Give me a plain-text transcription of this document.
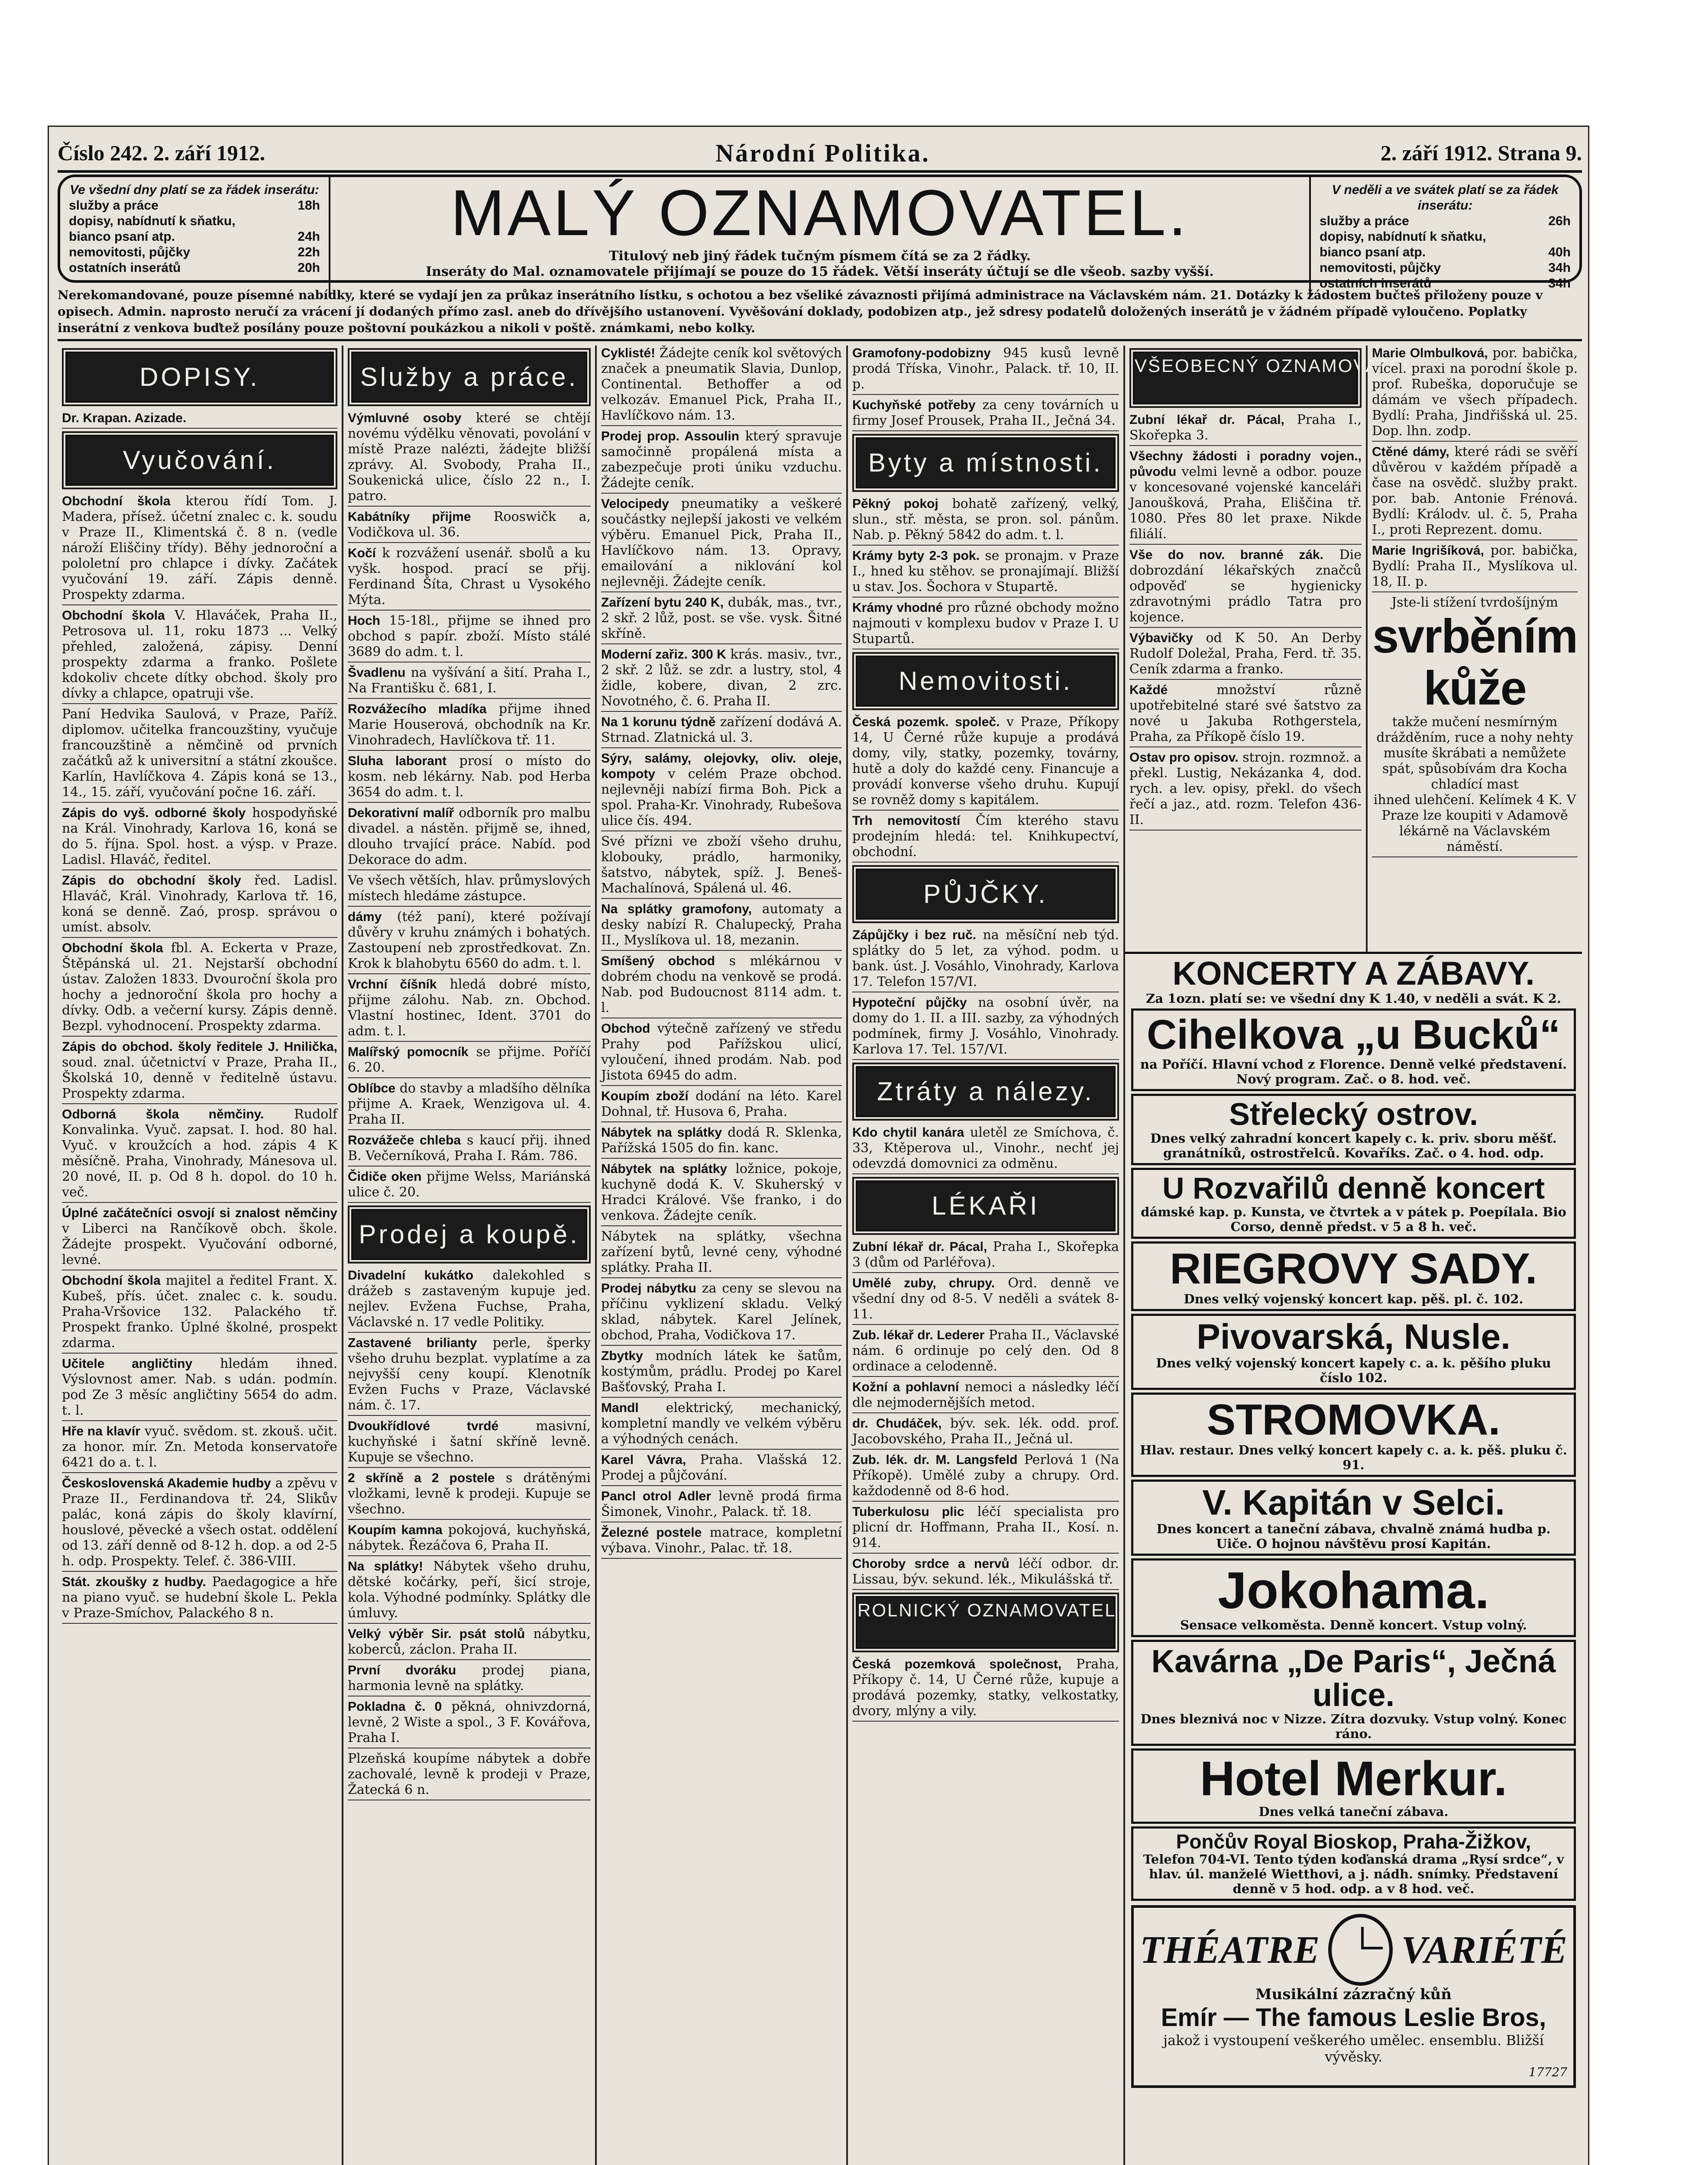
Číslo 242. 2. září 1912.	Národní Politika.	2. září 1912. Strana 9.
Ve všední dny platí se za řádek inserátu:
služby a práce	18h
dopisy, nabídnutí k sňatku,
bianco psaní atp.	24h
nemovitosti, půjčky	22h
ostatních inserátů	20h
MALÝ OZNAMOVATEL.
Titulový neb jiný řádek tučným písmem čítá se za 2 řádky.
Inseráty do Mal. oznamovatele přijímají se pouze do 15 řádek. Větší inseráty účtují se dle všeob. sazby vyšší.
V neděli a ve svátek platí se za řádek inserátu:
služby a práce	26h
dopisy, nabídnutí k sňatku,
bianco psaní atp.	40h
nemovitosti, půjčky	34h
ostatních inserátů	34h
Nerekomandované, pouze písemné nabídky, které se vydají jen za průkaz inserátního lístku, s ochotou a bez všeliké závaznosti přijímá administrace na Václavském nám. 21. Dotázky k žádostem bučteš přiloženy pouze v opisech. Admin. naprosto neručí za vrácení jí dodaných přímo zasl. aneb do dřívějšího ustanovení. Vyvěšování doklady, podobizen atp., jež sdresy podatelů doložených inserátů je v žádném případě vyloučeno. Poplatky inserátní z venkova buďtež posílány pouze poštovní poukázkou a nikoli v poště. známkami, nebo kolky.
DOPISY.
Dr. Krapan. Azizade.
Vyučování.
Obchodní škola kterou řídí Tom. J. Madera, přísež. účetní znalec c. k. soudu v Praze II., Klimentská č. 8 n. (vedle nároží Eliščiny třídy). Běhy jednoroční a pololetní pro chlapce i dívky. Začátek vyučování 19. září. Zápis denně. Prospekty zdarma.
Obchodní škola V. Hlaváček, Praha II., Petrosova ul. 11, roku 1873 ... Velký přehled, založená, zápisy. Denní prospekty zdarma a franko. Pošlete kdokoliv chcete dítky obchod. školy pro dívky a chlapce, opatruji vše.
Paní Hedvika Saulová, v Praze, Paříž. diplomov. učitelka francouzštiny, vyučuje francouzštině a němčině od prvních začátků až k universitní a státní zkoušce. Karlín, Havlíčkova 4. Zápis koná se 13., 14., 15. září, vyučování počne 16. září.
Zápis do vyš. odborné školy hospodyňské na Král. Vinohrady, Karlova 16, koná se do 5. října. Spol. host. a výsp. v Praze. Ladisl. Hlaváč, ředitel.
Zápis do obchodní školy řed. Ladisl. Hlaváč, Král. Vinohrady, Karlova tř. 16, koná se denně. Zaó, prosp. správou o umíst. absolv.
Obchodní škola fbl. A. Eckerta v Praze, Štěpánská ul. 21. Nejstarší obchodní ústav. Založen 1833. Dvouroční škola pro hochy a jednoroční škola pro hochy a dívky. Odb. a večerní kursy. Zápis denně. Bezpl. vyhodnocení. Prospekty zdarma.
Zápis do obchod. školy ředitele J. Hnilička, soud. znal. účetnictví v Praze, Praha II., Školská 10, denně v ředitelně ústavu. Prospekty zdarma.
Odborná škola němčiny. Rudolf Konvalinka. Vyuč. zapsat. I. hod. 80 hal. Vyuč. v kroužcích a hod. zápis 4 K měsíčně. Praha, Vinohrady, Mánesova ul. 20 nové, II. p. Od 8 h. dopol. do 10 h. več.
Úplné začátečníci osvojí si znalost němčiny v Liberci na Rančíkově obch. škole. Žádejte prospekt. Vyučování odborné, levné.
Obchodní škola majitel a ředitel Frant. X. Kubeš, přís. účet. znalec c. k. soudu. Praha-Vršovice 132. Palackého tř. Prospekt franko. Úplné školné, prospekt zdarma.
Učitele angličtiny hledám ihned. Výslovnost amer. Nab. s udán. podmín. pod Ze 3 měsíc angličtiny 5654 do adm. t. l.
Hře na klavír vyuč. svědom. st. zkouš. učit. za honor. mír. Zn. Metoda konservatoře 6421 do a. t. l.
Československá Akademie hudby a zpěvu v Praze II., Ferdinandova tř. 24, Slikův palác, koná zápis do školy klavírní, houslové, pěvecké a všech ostat. oddělení od 13. září denně od 8-12 h. dop. a od 2-5 h. odp. Prospekty. Telef. č. 386-VIII.
Stát. zkoušky z hudby. Paedagogice a hře na piano vyuč. se hudební škole L. Pekla v Praze-Smíchov, Palackého 8 n.
Služby a práce.
Výmluvné osoby které se chtějí novému výdělku věnovati, povolání v místě Praze nalézti, žádejte bližší zprávy. Al. Svobody, Praha II., Soukenická ulice, číslo 22 n., I. patro.
Kabátníky přijme Rooswičk a, Vodičkova ul. 36.
Kočí k rozvážení usenář. sbolů a ku vyšk. hospod. prací se přij. Ferdinand Šíta, Chrast u Vysokého Mýta.
Hoch 15-18l., přijme se ihned pro obchod s papír. zboží. Místo stálé 3689 do adm. t. l.
Švadlenu na vyšívání a šití. Praha I., Na Františku č. 681, I.
Rozvážecího mladíka přijme ihned Marie Houserová, obchodník na Kr. Vinohradech, Havlíčkova tř. 11.
Sluha laborant prosí o místo do kosm. neb lékárny. Nab. pod Herba 3654 do adm. t. l.
Dekorativní malíř odborník pro malbu divadel. a nástěn. přijmě se, ihned, dlouho trvající práce. Nabíd. pod Dekorace do adm.
Ve všech větších, hlav. průmyslových místech hledáme zástupce.
dámy (též paní), které požívají důvěry v kruhu známých i bohatých. Zastoupení neb zprostředkovat. Zn. Krok k blahobytu 6560 do adm. t. l.
Vrchní číšník hledá dobré místo, přijme zálohu. Nab. zn. Obchod. Vlastní hostinec, Ident. 3701 do adm. t. l.
Malířský pomocník se přijme. Poříčí 6. 20.
Oblíbce do stavby a mladšího dělníka přijme A. Kraek, Wenzigova ul. 4. Praha II.
Rozvážeče chleba s kaucí přij. ihned B. Večerníková, Praha I. Rám. 786.
Čidiče oken přijme Welss, Mariánská ulice č. 20.
Prodej a koupě.
Divadelní kukátko dalekohled s drážeb s zastaveným kupuje jed. nejlev. Evžena Fuchse, Praha, Václavské n. 17 vedle Politiky.
Zastavené brilianty perle, šperky všeho druhu bezplat. vyplatíme a za nejvyšší ceny koupí. Klenotník Evžen Fuchs v Praze, Václavské nám. č. 17.
Dvoukřídlové tvrdé	masivní, kuchyňské i šatní skříně levně. Kupuje se všechno.
2 skříně a 2 postele s drátěnými vložkami, levně k prodeji. Kupuje se všechno.
Koupím kamna pokojová, kuchyňská, nábytek. Řezáčova 6, Praha II.
Na splátky! Nábytek všeho druhu, dětské kočárky, peří, šicí stroje, kola. Výhodné podmínky. Splátky dle úmluvy.
Velký výběr Sir. psát stolů nábytku, koberců, záclon. Praha II.
První dvoráku prodej piana, harmonia levně na splátky.
Pokladna č. 0 pěkná, ohnivzdorná, levně, 2 Wiste a spol., 3 F. Kovářova, Praha I.
Plzeňská koupíme nábytek a dobře zachovalé, levně k prodeji v Praze, Žatecká 6 n.
Cyklisté! Žádejte ceník kol světových značek a pneumatik Slavia, Dunlop, Continental. Bethoffer a od velkozáv. Emanuel Pick, Praha II., Havlíčkovo nám. 13.
Prodej prop. Assoulin který spravuje samočinně propálená místa a zabezpečuje proti úniku vzduchu. Žádejte ceník.
Velocipedy pneumatiky a veškeré součástky nejlepší jakosti ve velkém výběru. Emanuel Pick, Praha II., Havlíčkovo nám. 13. Opravy, emailování a niklování kol nejlevněji. Žádejte ceník.
Zařízení bytu 240 K, dubák, mas., tvr., 2 skř. 2 lůž, post. se vše. vysk. Šitné skříně.
Moderní zařiz. 300 K krás. masiv., tvr., 2 skř. 2 lůž. se zdr. a lustry, stol, 4 židle, kobere, divan, 2 zrc. Novotného, č. 6. Praha II.
Na 1 korunu týdně zařízení dodává A. Strnad. Zlatnická ul. 3.
Sýry, salámy, olejovky, oliv. oleje, kompoty v celém Praze obchod. nejlevněji nabízí firma Boh. Pick a spol. Praha-Kr. Vinohrady, Rubešova ulice čís. 494.
Své přízni ve zboží všeho druhu, klobouky, prádlo, harmoniky, šatstvo, nábytek, spíž. J. Beneš-Machalínová, Spálená ul. 46.
Na splátky gramofony, automaty a desky nabízí R. Chalupecký, Praha II., Myslíkova ul. 18, mezanin.
Smíšený obchod s mlékárnou v dobrém chodu na venkově se prodá. Nab. pod Budoucnost 8114 adm. t. l.
Obchod výtečně zařízený ve středu Prahy pod Pařížskou ulicí, vyloučení, ihned prodám. Nab. pod Jistota 6945 do adm.
Koupím zboží dodání na léto. Karel Dohnal, tř. Husova 6, Praha.
Nábytek na splátky dodá R. Sklenka, Pařížská 1505 do fin. kanc.
Nábytek na splátky ložnice, pokoje, kuchyně dodá K. V. Skuherský v Hradci Králové. Vše franko, i do venkova. Žádejte ceník.
Nábytek na splátky, všechna zařízení bytů, levné ceny, výhodné splátky. Praha II.
Prodej nábytku za ceny se slevou na příčinu vyklizení skladu. Velký sklad, nábytek. Karel Jelínek, obchod, Praha, Vodičkova 17.
Zbytky modních látek ke šatům, kostýmům, prádlu. Prodej po Karel Bašťovský, Praha I.
Mandl elektrický, mechanický, kompletní mandly ve velkém výběru a výhodných cenách.
Karel Vávra, Praha. Vlašská 12. Prodej a půjčování.
Pancl otrol Adler levně prodá firma Šimonek, Vinohr., Palack. tř. 18.
Železné postele matrace, kompletní výbava. Vinohr., Palac. tř. 18.
Gramofony-podobizny 945 kusů levně prodá Tříska, Vinohr., Palack. tř. 10, II. p.
Kuchyňské potřeby za ceny továrních u firmy Josef Prousek, Praha II., Ječná 34.
Byty a místnosti.
Pěkný pokoj bohatě zařízený, velký, slun., stř. města, se pron. sol. pánům. Nab. p. Pěkný 5842 do adm. t. l.
Krámy byty 2-3 pok. se pronajm. v Praze I., hned ku stěhov. se pronajímají. Bližší u stav. Jos. Šochora v Stupartě.
Krámy vhodné pro různé obchody možno najmouti v komplexu budov v Praze I. U Stupartů.
Nemovitosti.
Česká pozemk. společ. v Praze, Příkopy 14, U Černé růže kupuje a prodává domy, vily, statky, pozemky, továrny, hutě a doly do každé ceny. Financuje a provádí konverse všeho druhu. Kupují se rovněž domy s kapitálem.
Trh nemovitostí Čím kterého stavu prodejním hledá: tel. Knihkupectví, obchodní.
PŮJČKY.
Zápůjčky i bez ruč. na měsíční neb týd. splátky do 5 let, za výhod. podm. u bank. úst. J. Vosáhlo, Vinohrady, Karlova 17. Telefon 157/VI.
Hypoteční půjčky na osobní úvěr, na domy do 1. II. a III. sazby, za výhodných podmínek, firmy J. Vosáhlo, Vinohrady. Karlova 17. Tel. 157/VI.
Ztráty a nálezy.
Kdo chytil kanára uletěl ze Smíchova, č. 33, Ktěperova ul., Vinohr., nechť jej odevzdá domovnici za odměnu.
LÉKAŘI
Zubní lékař dr. Pácal, Praha I., Skořepka 3 (dům od Parléřova).
Umělé zuby, chrupy. Ord. denně ve všední dny od 8-5. V neděli a svátek 8-11.
Zub. lékař dr. Lederer Praha II., Václavské nám. 6 ordinuje po celý den. Od 8 ordinace a celodenně.
Kožní a pohlavní nemoci a následky léčí dle nejmodernějších metod.
dr. Chudáček, býv. sek. lék. odd. prof. Jacobovského, Praha II., Ječná ul.
Zub. lék. dr. M. Langsfeld Perlová 1 (Na Příkopě). Umělé zuby a chrupy. Ord. každodenně od 8-6 hod.
Tuberkulosu plic léčí specialista pro plicní dr. Hoffmann, Praha II., Kosí. n. 914.
Choroby srdce a nervů léčí odbor. dr. Lissau, býv. sekund. lék., Mikulášská tř.
ROLNICKÝ OZNAMOVATEL
Česká pozemková společnost, Praha, Příkopy č. 14, U Černé růže, kupuje a prodává pozemky, statky, velkostatky, dvory, mlýny a vily.
VŠEOBECNÝ OZNAMOVATEL.
Zubní lékař dr. Pácal, Praha I., Skořepka 3.
Všechny žádosti i poradny vojen., původu velmi levně a odbor. pouze v koncesované vojenské kanceláři Janoušková, Praha, Eliščina tř. 1080. Přes 80 let praxe. Nikde filiálí.
Vše do nov. branné zák. Die dobrozdání lékařských značců odpověď se hygienicky zdravotnými prádlo Tatra pro kojence.
Výbavičky od K 50. An Derby Rudolf Doležal, Praha, Ferd. tř. 35. Ceník zdarma a franko.
Každé	množství různě upotřebitelné staré své šatstvo za nové u Jakuba Rothgerstela, Praha, za Příkopě číslo 19.
Ostav pro opisov. strojn. rozmnož. a překl. Lustig, Nekázanka 4, dod. rych. a lev. opisy, překl. do všech řečí a jaz., atd. rozm. Telefon 436-II.
Marie Olmbulková, por. babička, vícel. praxi na porodní škole p. prof. Rubeška, doporučuje se dámám ve všech případech. Bydlí: Praha, Jindřišská ul. 25. Dop. lhn. zodp.
Ctěné dámy, které rádi se svěří důvěrou v každém případě a čase na osvědč. služby prakt. por. bab. Antonie Frénová. Bydlí: Králodv. ul. č. 5, Praha I., proti Reprezent. domu.
Marie Ingrišíková, por. babička, Bydlí: Praha II., Myslíkova ul. 18, II. p.
Jste-li stížení tvrdošíjným
svrběním kůže
takže mučení nesmírným drážděním, ruce a nohy nehty musíte škrábati a nemůžete spát, spůsobívám dra Kocha chladící mast
ihned ulehčení. Kelímek 4 K. V Praze lze koupiti v Adamově lékárně na Václavském náměstí.
KONCERTY A ZÁBAVY.
Za 1ozn. platí se: ve všední dny K 1.40, v neděli a svát. K 2.
Cihelkova „u Bucků“
na Poříčí. Hlavní vchod z Florence. Denně velké představení. Nový program. Zač. o 8. hod. več.
Střelecký ostrov.
Dnes velký zahradní koncert kapely c. k. priv. sboru měšť. granátníků, ostrostřelců. Kovaříks. Zač. o 4. hod. odp.
U Rozvařilů denně koncert
dámské kap. p. Kunsta, ve čtvrtek a v pátek p. Poepílala. Bio Corso, denně předst. v 5 a 8 h. več.
RIEGROVY SADY.
Dnes velký vojenský koncert kap. pěš. pl. č. 102.
Pivovarská, Nusle.
Dnes velký vojenský koncert kapely c. a. k. pěšího pluku číslo 102.
STROMOVKA.
Hlav. restaur. Dnes velký koncert kapely c. a. k. pěš. pluku č. 91.
V. Kapitán v Selci.
Dnes koncert a taneční zábava, chvalně známá hudba p. Uiče. O hojnou návštěvu prosí Kapitán.
Jokohama.
Sensace velkoměsta. Denně koncert. Vstup volný.
Kavárna „De Paris“, Ječná ulice.
Dnes bleznivá noc v Nizze. Zítra dozvuky. Vstup volný. Konec ráno.
Hotel Merkur.
Dnes velká taneční zábava.
Pončův Royal Bioskop, Praha-Žižkov,
Telefon 704-VI. Tento týden koďanská drama „Rysí srdce“, v hlav. úl. manželé Wietthovi, a j. nádh. snímky. Představení denně v 5 hod. odp. a v 8 hod. več.
THÉATRE VARIÉTÉ
Musikální zázračný kůň
Emír — The famous Leslie Bros,
jakož i vystoupení veškerého umělec. ensemblu. Bližší vývěsky.
17727
